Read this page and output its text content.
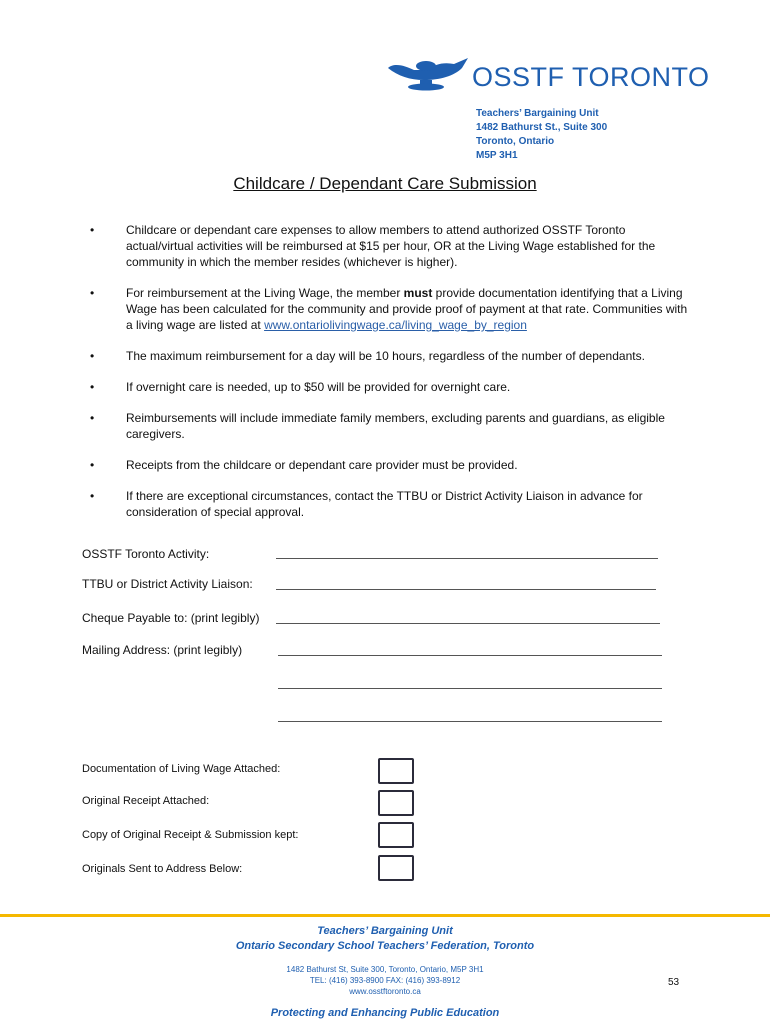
OSSTF TORONTO
Teachers’ Bargaining Unit
1482 Bathurst St., Suite 300
Toronto, Ontario
M5P 3H1
Childcare / Dependant Care Submission
•	Childcare or dependant care expenses to allow members to attend authorized OSSTF Toronto actual/virtual activities will be reimbursed at $15 per hour, OR at the Living Wage established for the community in which the member resides (whichever is higher).
•	For reimbursement at the Living Wage, the member must provide documentation identifying that a Living Wage has been calculated for the community and provide proof of payment at that rate. Communities with a living wage are listed at www.ontariolivingwage.ca/living_wage_by_region
•	The maximum reimbursement for a day will be 10 hours, regardless of the number of dependants.
•	If overnight care is needed, up to $50 will be provided for overnight care.
•	Reimbursements will include immediate family members, excluding parents and guardians, as eligible caregivers.
•	Receipts from the childcare or dependant care provider must be provided.
•	If there are exceptional circumstances, contact the TTBU or District Activity Liaison in advance for consideration of special approval.
OSSTF Toronto Activity:
TTBU or District Activity Liaison:
Cheque Payable to: (print legibly)
Mailing Address: (print legibly)
Documentation of Living Wage Attached:
Original Receipt Attached:
Copy of Original Receipt & Submission kept:
Originals Sent to Address Below:
Teachers’ Bargaining Unit
Ontario Secondary School Teachers’ Federation, Toronto
1482 Bathurst St, Suite 300, Toronto, Ontario, M5P 3H1
TEL: (416) 393-8900 FAX: (416) 393-8912
www.osstftoronto.ca
53
Protecting and Enhancing Public Education
